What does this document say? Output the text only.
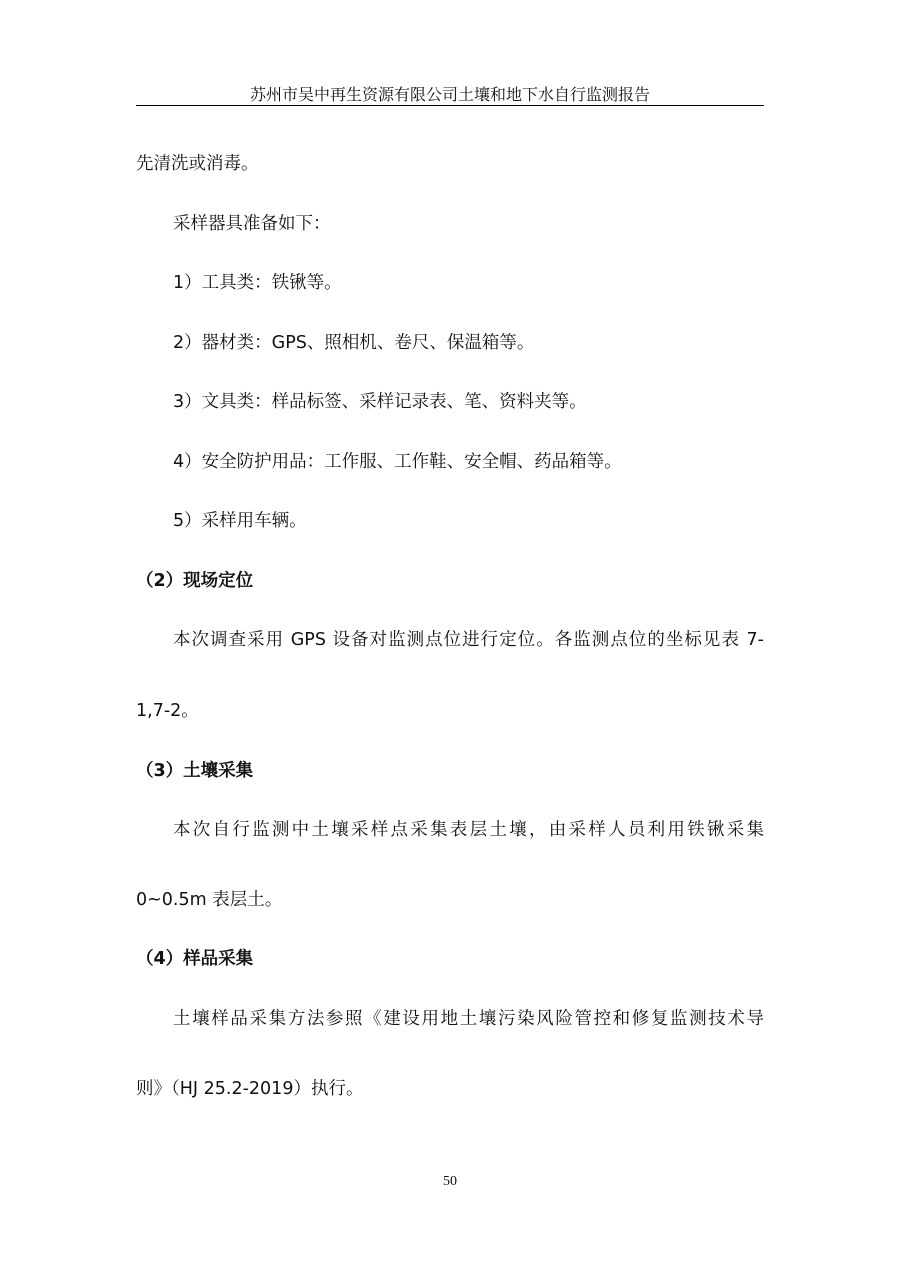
苏州市吴中再生资源有限公司土壤和地下水自行监测报告
先清洗或消毒。
采样器具准备如下：
1）工具类：铁锹等。
2）器材类：GPS、照相机、卷尺、保温箱等。
3）文具类：样品标签、采样记录表、笔、资料夹等。
4）安全防护用品：工作服、工作鞋、安全帽、药品箱等。
5）采样用车辆。
（2）现场定位
本次调查采用 GPS 设备对监测点位进行定位。各监测点位的坐标见表 7-
1,7-2。
（3）土壤采集
本次自行监测中土壤采样点采集表层土壤，由采样人员利用铁锹采集
0~0.5m 表层土。
（4）样品采集
土壤样品采集方法参照《建设用地土壤污染风险管控和修复监测技术导
则》（HJ 25.2-2019）执行。
50
